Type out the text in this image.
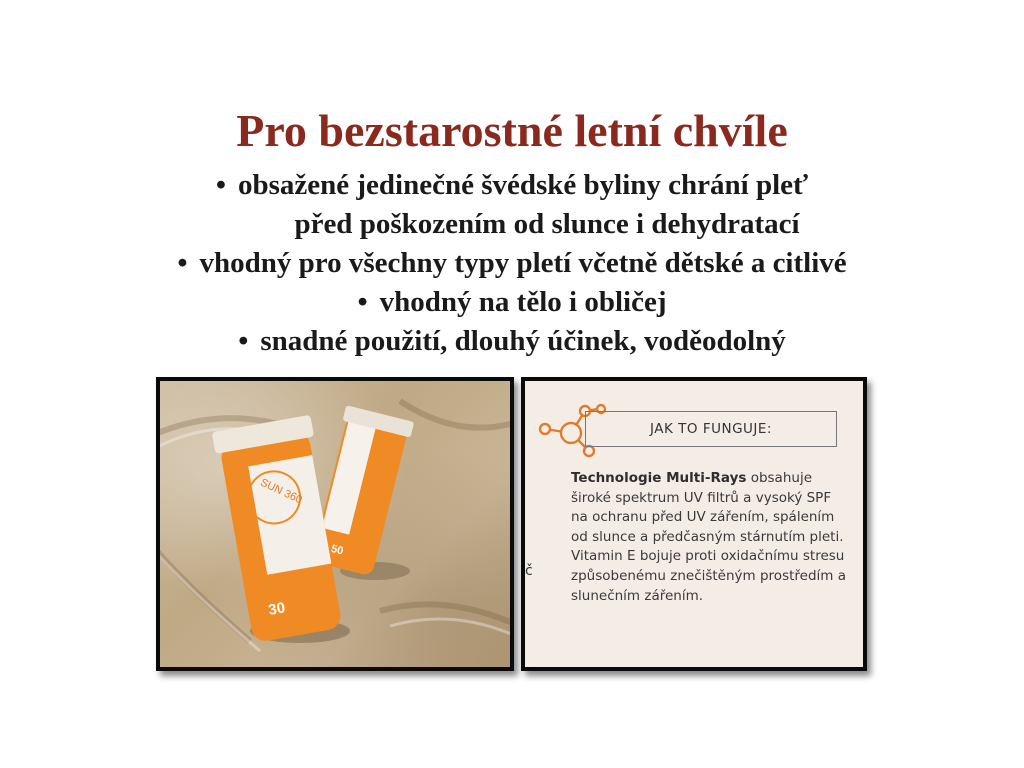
Pro bezstarostné letní chvíle
• obsažené jedinečné švédské byliny chrání pleť
před poškozením od slunce i dehydratací
• vhodný pro všechny typy pletí včetně dětské a citlivé
• vhodný na tělo i obličej
• snadné použití, dlouhý účinek, voděodolný
50
SUN 360
30
JAK TO FUNGUJE:
č
Technologie Multi-Rays obsahuje široké spektrum UV filtrů a vysoký SPF na ochranu před UV zářením, spálením od slunce a předčasným stárnutím pleti. Vitamin E bojuje proti oxidačnímu stresu způsobenému znečištěným prostředím a slunečním zářením.
